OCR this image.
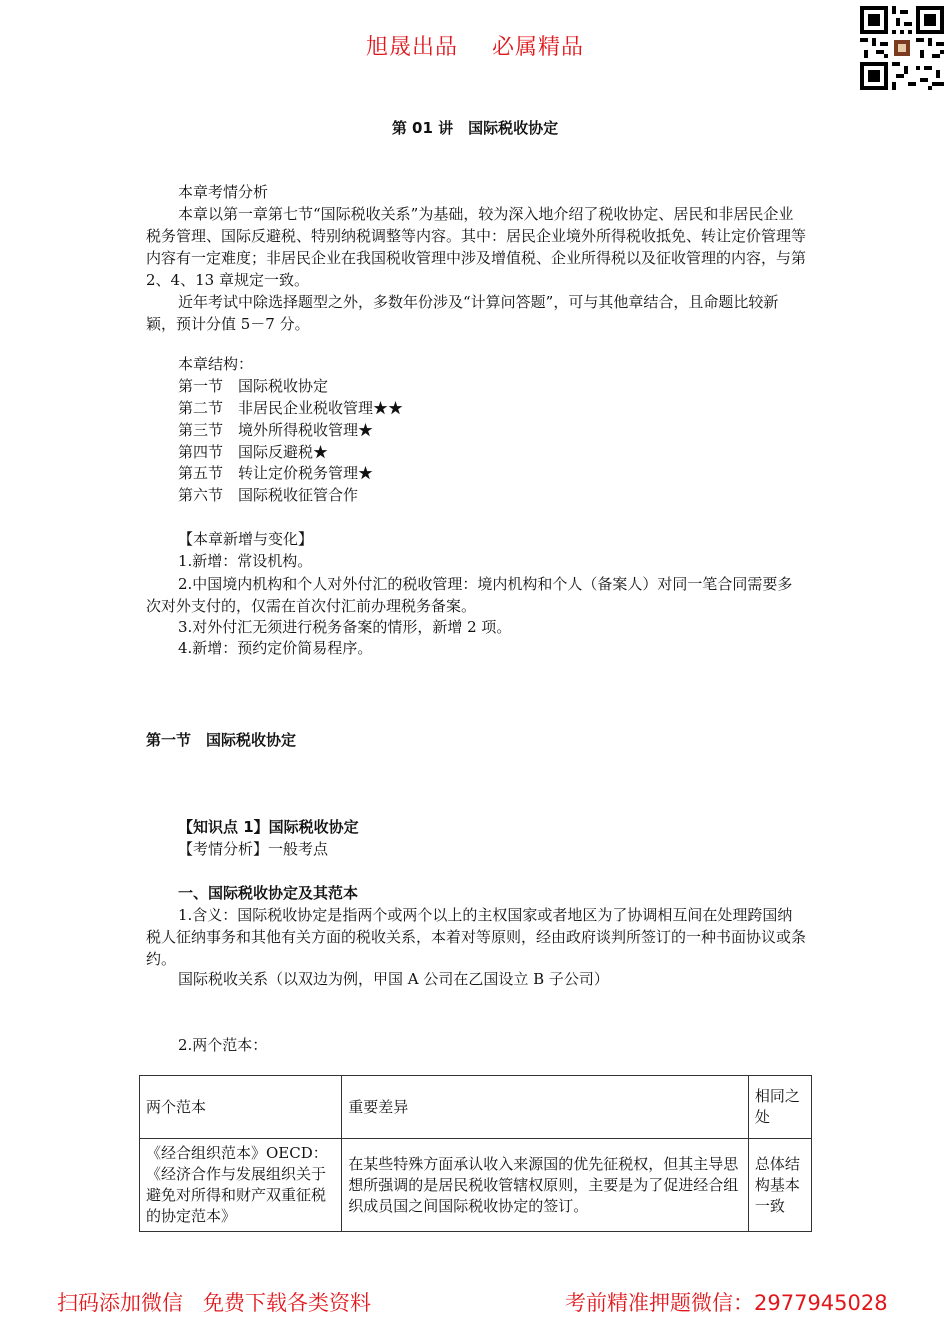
旭晟出品 必属精品
第 01 讲　国际税收协定
本章考情分析
本章以第一章第七节“国际税收关系”为基础，较为深入地介绍了税收协定、居民和非居民企业税务管理、国际反避税、特别纳税调整等内容。其中：居民企业境外所得税收抵免、转让定价管理等内容有一定难度；非居民企业在我国税收管理中涉及增值税、企业所得税以及征收管理的内容，与第 2、4、13 章规定一致。
近年考试中除选择题型之外，多数年份涉及“计算问答题”，可与其他章结合，且命题比较新颖，预计分值 5－7 分。
本章结构：
第一节　国际税收协定
第二节　非居民企业税收管理★★
第三节　境外所得税收管理★
第四节　国际反避税★
第五节　转让定价税务管理★
第六节　国际税收征管合作
【本章新增与变化】
1.新增：常设机构。
2.中国境内机构和个人对外付汇的税收管理：境内机构和个人（备案人）对同一笔合同需要多次对外支付的，仅需在首次付汇前办理税务备案。
3.对外付汇无须进行税务备案的情形，新增 2 项。
4.新增：预约定价简易程序。
第一节　国际税收协定
【知识点 1】国际税收协定
【考情分析】一般考点
一、国际税收协定及其范本
1.含义：国际税收协定是指两个或两个以上的主权国家或者地区为了协调相互间在处理跨国纳税人征纳事务和其他有关方面的税收关系，本着对等原则，经由政府谈判所签订的一种书面协议或条约。
国际税收关系（以双边为例，甲国 A 公司在乙国设立 B 子公司）
2.两个范本：
两个范本	重要差异	相同之处
《经合组织范本》OECD：《经济合作与发展组织关于避免对所得和财产双重征税的协定范本》	在某些特殊方面承认收入来源国的优先征税权，但其主导思想所强调的是居民税收管辖权原则，主要是为了促进经合组织成员国之间国际税收协定的签订。	总体结构基本一致
扫码添加微信 免费下载各类资料	考前精准押题微信：2977945028
